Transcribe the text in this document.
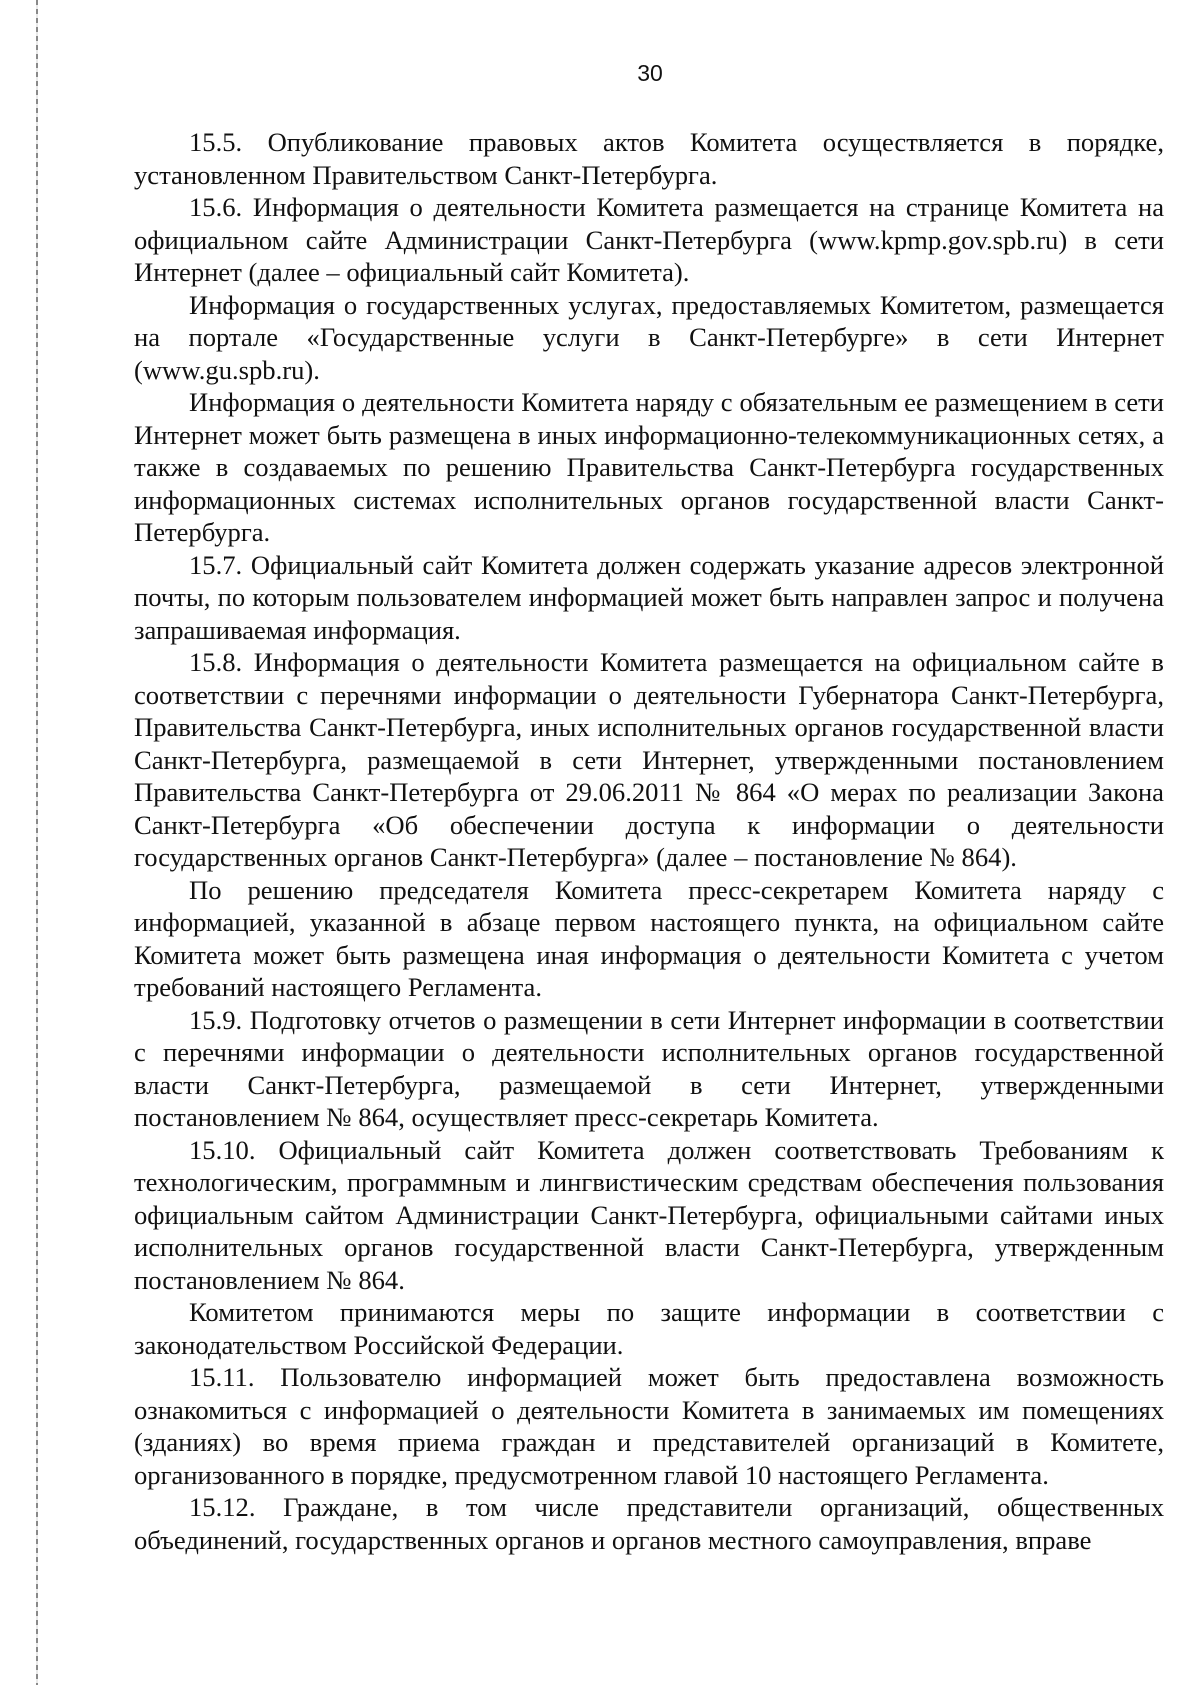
30

15.5. Опубликование правовых актов Комитета осуществляется в порядке, установленном Правительством Санкт-Петербурга.

15.6. Информация о деятельности Комитета размещается на странице Комитета на официальном сайте Администрации Санкт-Петербурга (www.kpmp.gov.spb.ru) в сети Интернет (далее – официальный сайт Комитета).

Информация о государственных услугах, предоставляемых Комитетом, размещается на портале «Государственные услуги в Санкт-Петербурге» в сети Интернет (www.gu.spb.ru).

Информация о деятельности Комитета наряду с обязательным ее размещением в сети Интернет может быть размещена в иных информационно-телекоммуникационных сетях, а также в создаваемых по решению Правительства Санкт-Петербурга государственных информационных системах исполнительных органов государственной власти Санкт-Петербурга.

15.7. Официальный сайт Комитета должен содержать указание адресов электронной почты, по которым пользователем информацией может быть направлен запрос и получена запрашиваемая информация.

15.8. Информация о деятельности Комитета размещается на официальном сайте в соответствии с перечнями информации о деятельности Губернатора Санкт-Петербурга, Правительства Санкт-Петербурга, иных исполнительных органов государственной власти Санкт-Петербурга, размещаемой в сети Интернет, утвержденными постановлением Правительства Санкт-Петербурга от 29.06.2011 № 864 «О мерах по реализации Закона Санкт-Петербурга «Об обеспечении доступа к информации о деятельности государственных органов Санкт-Петербурга» (далее – постановление № 864).

По решению председателя Комитета пресс-секретарем Комитета наряду с информацией, указанной в абзаце первом настоящего пункта, на официальном сайте Комитета может быть размещена иная информация о деятельности Комитета с учетом требований настоящего Регламента.

15.9. Подготовку отчетов о размещении в сети Интернет информации в соответствии с перечнями информации о деятельности исполнительных органов государственной власти Санкт-Петербурга, размещаемой в сети Интернет, утвержденными постановлением № 864, осуществляет пресс-секретарь Комитета.

15.10. Официальный сайт Комитета должен соответствовать Требованиям к технологическим, программным и лингвистическим средствам обеспечения пользования официальным сайтом Администрации Санкт-Петербурга, официальными сайтами иных исполнительных органов государственной власти Санкт-Петербурга, утвержденным постановлением № 864.

Комитетом принимаются меры по защите информации в соответствии с законодательством Российской Федерации.

15.11. Пользователю информацией может быть предоставлена возможность ознакомиться с информацией о деятельности Комитета в занимаемых им помещениях (зданиях) во время приема граждан и представителей организаций в Комитете, организованного в порядке, предусмотренном главой 10 настоящего Регламента.

15.12. Граждане, в том числе представители организаций, общественных объединений, государственных органов и органов местного самоуправления, вправе
